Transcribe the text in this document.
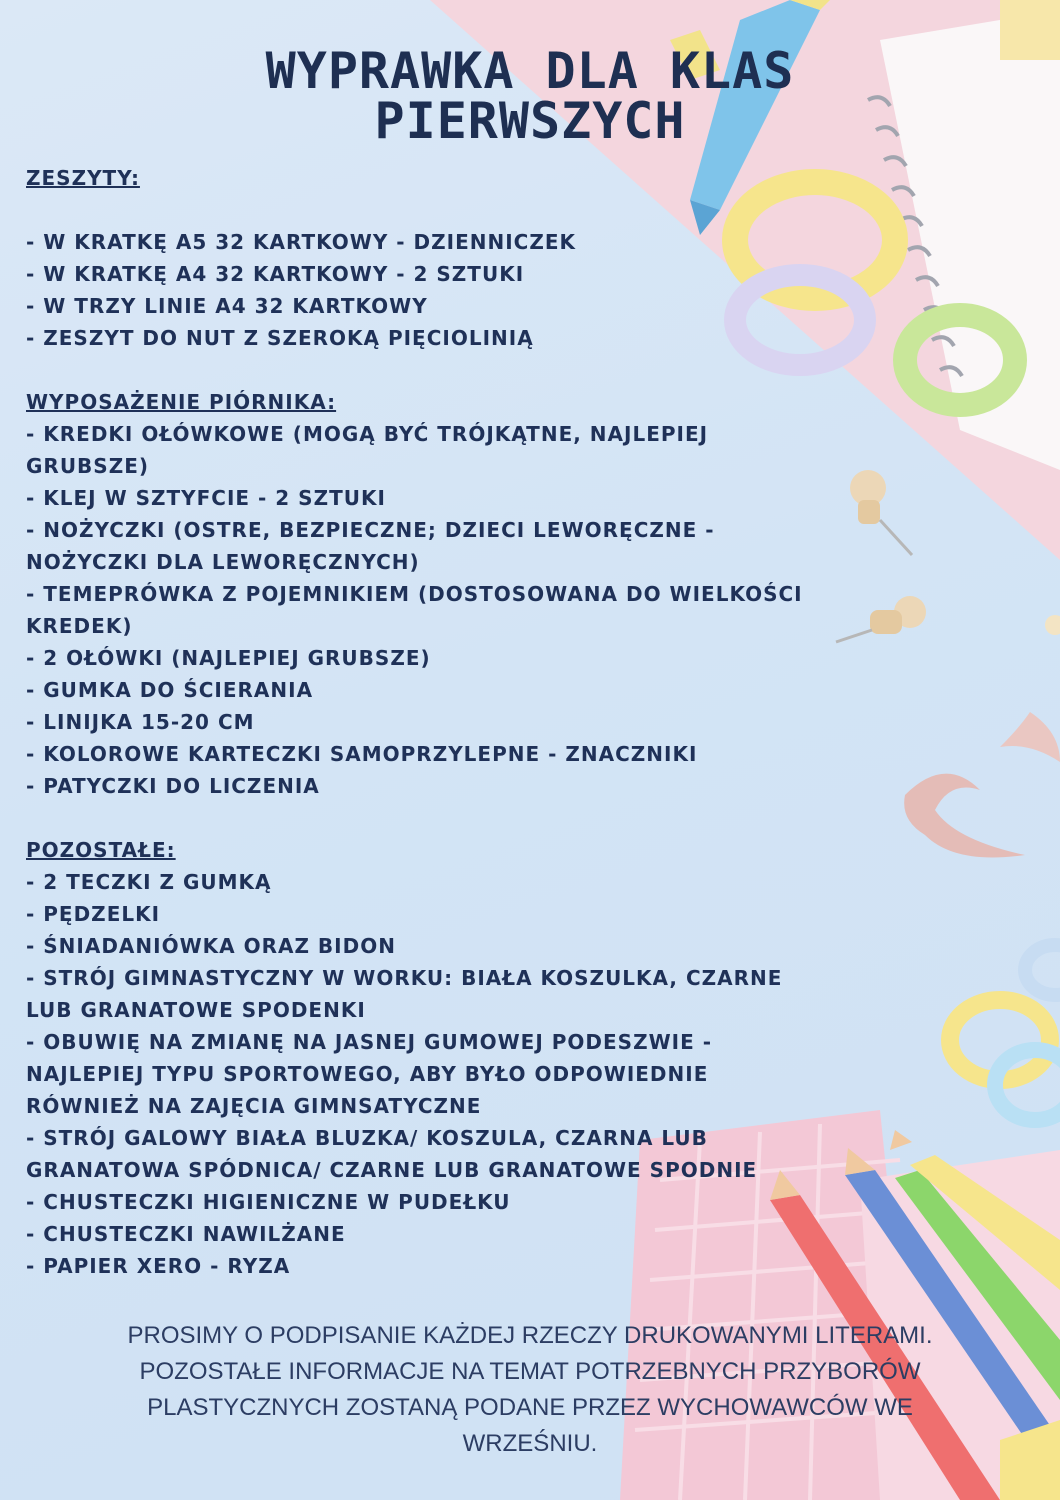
WYPRAWKA DLA KLAS
PIERWSZYCH
ZESZYTY:
- W KRATKĘ A5 32 KARTKOWY - DZIENNICZEK
- W KRATKĘ A4 32 KARTKOWY - 2 SZTUKI
- W TRZY LINIE A4 32 KARTKOWY
- ZESZYT DO NUT Z SZEROKĄ PIĘCIOLINIĄ
WYPOSAŻENIE PIÓRNIKA:
- KREDKI OŁÓWKOWE (MOGĄ BYĆ TRÓJKĄTNE, NAJLEPIEJ
GRUBSZE)
- KLEJ W SZTYFCIE - 2 SZTUKI
- NOŻYCZKI (OSTRE, BEZPIECZNE; DZIECI LEWORĘCZNE -
NOŻYCZKI DLA LEWORĘCZNYCH)
- TEMEPRÓWKA Z POJEMNIKIEM (DOSTOSOWANA DO WIELKOŚCI
KREDEK)
- 2 OŁÓWKI (NAJLEPIEJ GRUBSZE)
- GUMKA DO ŚCIERANIA
- LINIJKA 15-20 CM
- KOLOROWE KARTECZKI SAMOPRZYLEPNE - ZNACZNIKI
- PATYCZKI DO LICZENIA
POZOSTAŁE:
- 2 TECZKI Z GUMKĄ
- PĘDZELKI
- ŚNIADANIÓWKA ORAZ BIDON
- STRÓJ GIMNASTYCZNY W WORKU: BIAŁA KOSZULKA, CZARNE
LUB GRANATOWE SPODENKI
- OBUWIĘ NA ZMIANĘ NA JASNEJ GUMOWEJ PODESZWIE -
NAJLEPIEJ TYPU SPORTOWEGO, ABY BYŁO ODPOWIEDNIE
RÓWNIEŻ NA ZAJĘCIA GIMNSATYCZNE
- STRÓJ GALOWY BIAŁA BLUZKA/ KOSZULA, CZARNA LUB
GRANATOWA SPÓDNICA/ CZARNE LUB GRANATOWE SPODNIE
- CHUSTECZKI HIGIENICZNE W PUDEŁKU
- CHUSTECZKI NAWILŻANE
- PAPIER XERO - RYZA
PROSIMY O PODPISANIE KAŻDEJ RZECZY DRUKOWANYMI LITERAMI.
POZOSTAŁE INFORMACJE NA TEMAT POTRZEBNYCH PRZYBORÓW
PLASTYCZNYCH ZOSTANĄ PODANE PRZEZ WYCHOWAWCÓW WE
WRZEŚNIU.
